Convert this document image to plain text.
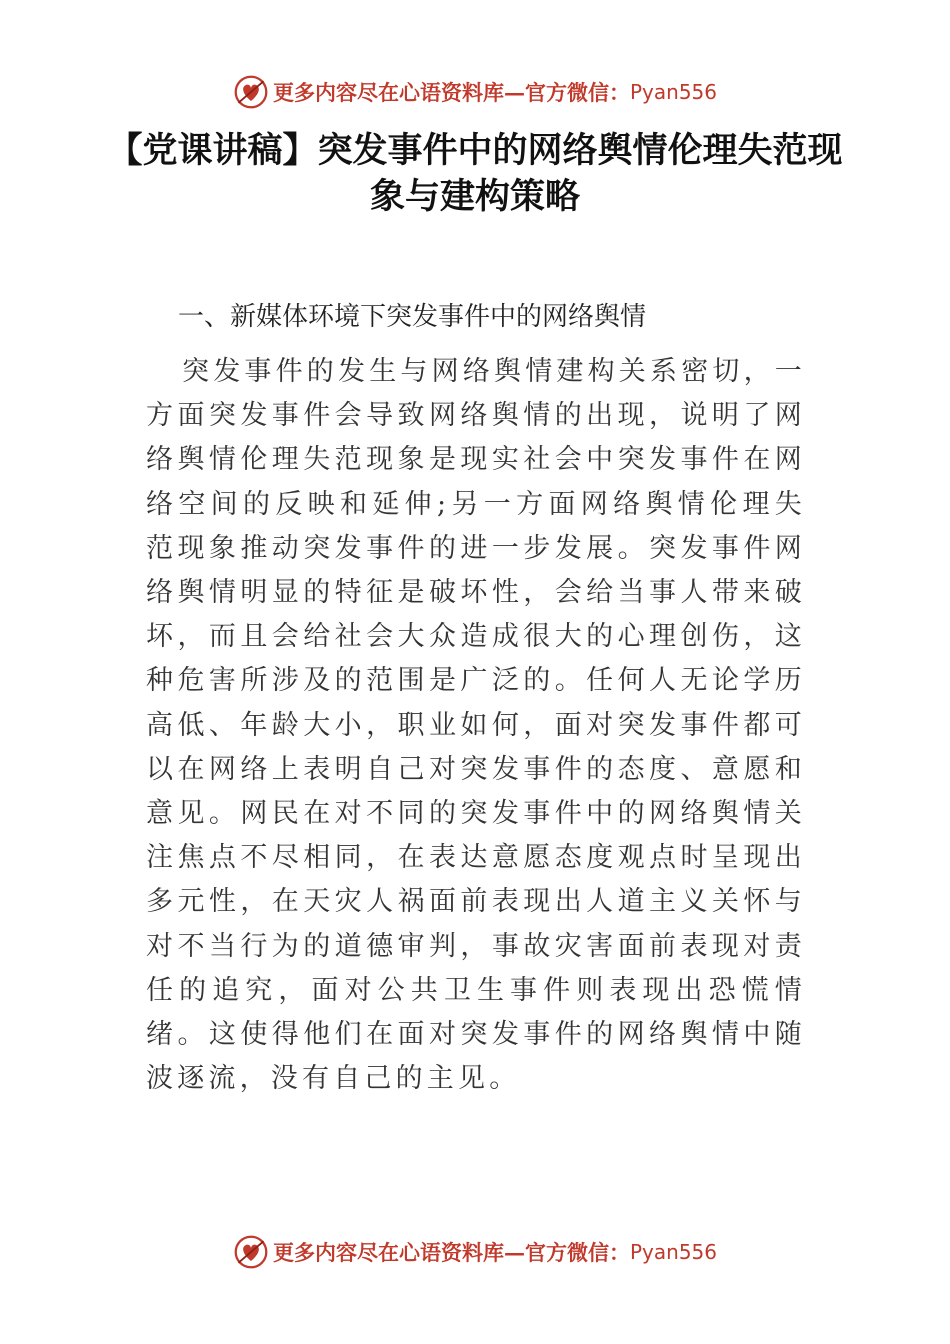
更多内容尽在心语资料库—官方微信： Pyan556
【党课讲稿】突发事件中的网络舆情伦理失范现象与建构策略
一、新媒体环境下突发事件中的网络舆情
突发事件的发生与网络舆情建构关系密切，一方面突发事件会导致网络舆情的出现，说明了网络舆情伦理失范现象是现实社会中突发事件在网络空间的反映和延伸;另一方面网络舆情伦理失范现象推动突发事件的进一步发展。突发事件网络舆情明显的特征是破坏性，会给当事人带来破坏，而且会给社会大众造成很大的心理创伤，这种危害所涉及的范围是广泛的。任何人无论学历高低、年龄大小，职业如何，面对突发事件都可以在网络上表明自己对突发事件的态度、意愿和意见。网民在对不同的突发事件中的网络舆情关注焦点不尽相同，在表达意愿态度观点时呈现出多元性，在天灾人祸面前表现出人道主义关怀与对不当行为的道德审判，事故灾害面前表现对责任的追究，面对公共卫生事件则表现出恐慌情绪。这使得他们在面对突发事件的网络舆情中随波逐流，没有自己的主见。
更多内容尽在心语资料库—官方微信： Pyan556
